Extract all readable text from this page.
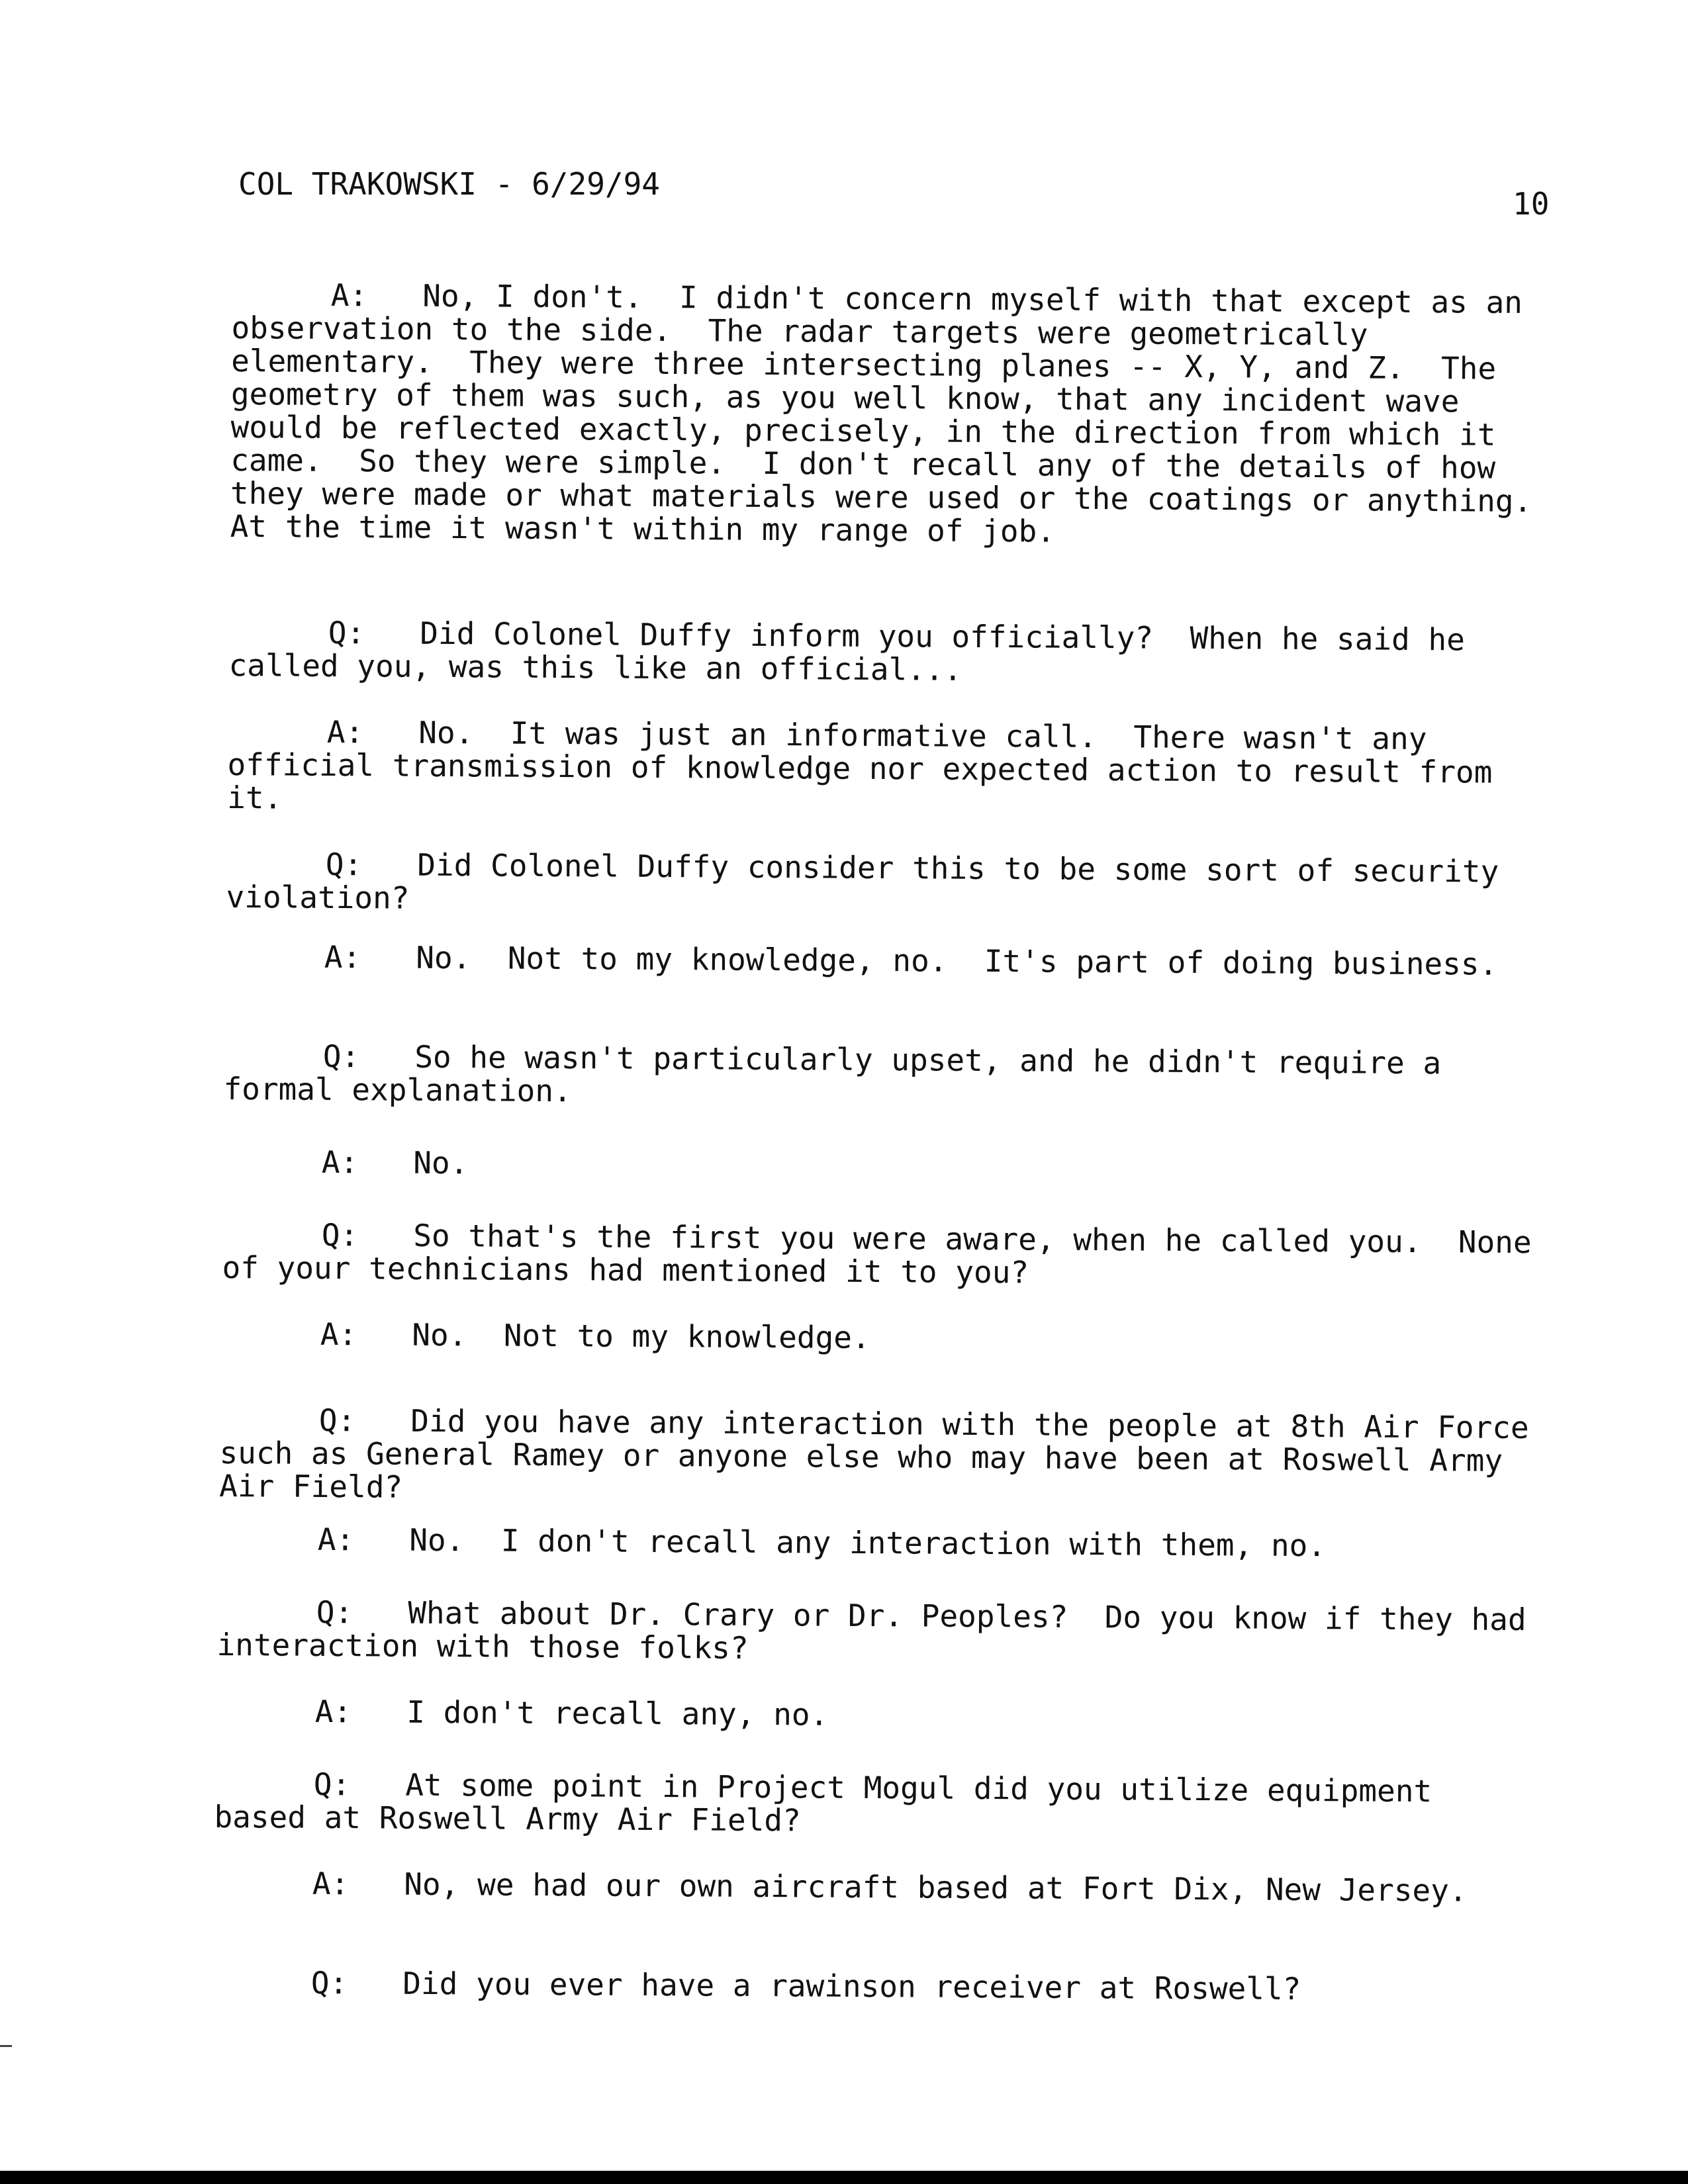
COL TRAKOWSKI - 6/29/94
10

A: No, I don't.  I didn't concern myself with that except as an observation to the side.  The radar targets were geometrically elementary.  They were three intersecting planes -- X, Y, and Z.  The geometry of them was such, as you well know, that any incident wave would be reflected exactly, precisely, in the direction from which it came.  So they were simple.  I don't recall any of the details of how they were made or what materials were used or the coatings or anything.  At the time it wasn't within my range of job.

Q: Did Colonel Duffy inform you officially?  When he said he called you, was this like an official...

A: No.  It was just an informative call.  There wasn't any official transmission of knowledge nor expected action to result from it.

Q: Did Colonel Duffy consider this to be some sort of security violation?

A: No.  Not to my knowledge, no.  It's part of doing business.

Q: So he wasn't particularly upset, and he didn't require a formal explanation.

A: No.

Q: So that's the first you were aware, when he called you.  None of your technicians had mentioned it to you?

A: No.  Not to my knowledge.

Q: Did you have any interaction with the people at 8th Air Force such as General Ramey or anyone else who may have been at Roswell Army Air Field?

A: No.  I don't recall any interaction with them, no.

Q: What about Dr. Crary or Dr. Peoples?  Do you know if they had interaction with those folks?

A: I don't recall any, no.

Q: At some point in Project Mogul did you utilize equipment based at Roswell Army Air Field?

A: No, we had our own aircraft based at Fort Dix, New Jersey.

Q: Did you ever have a rawinson receiver at Roswell?
